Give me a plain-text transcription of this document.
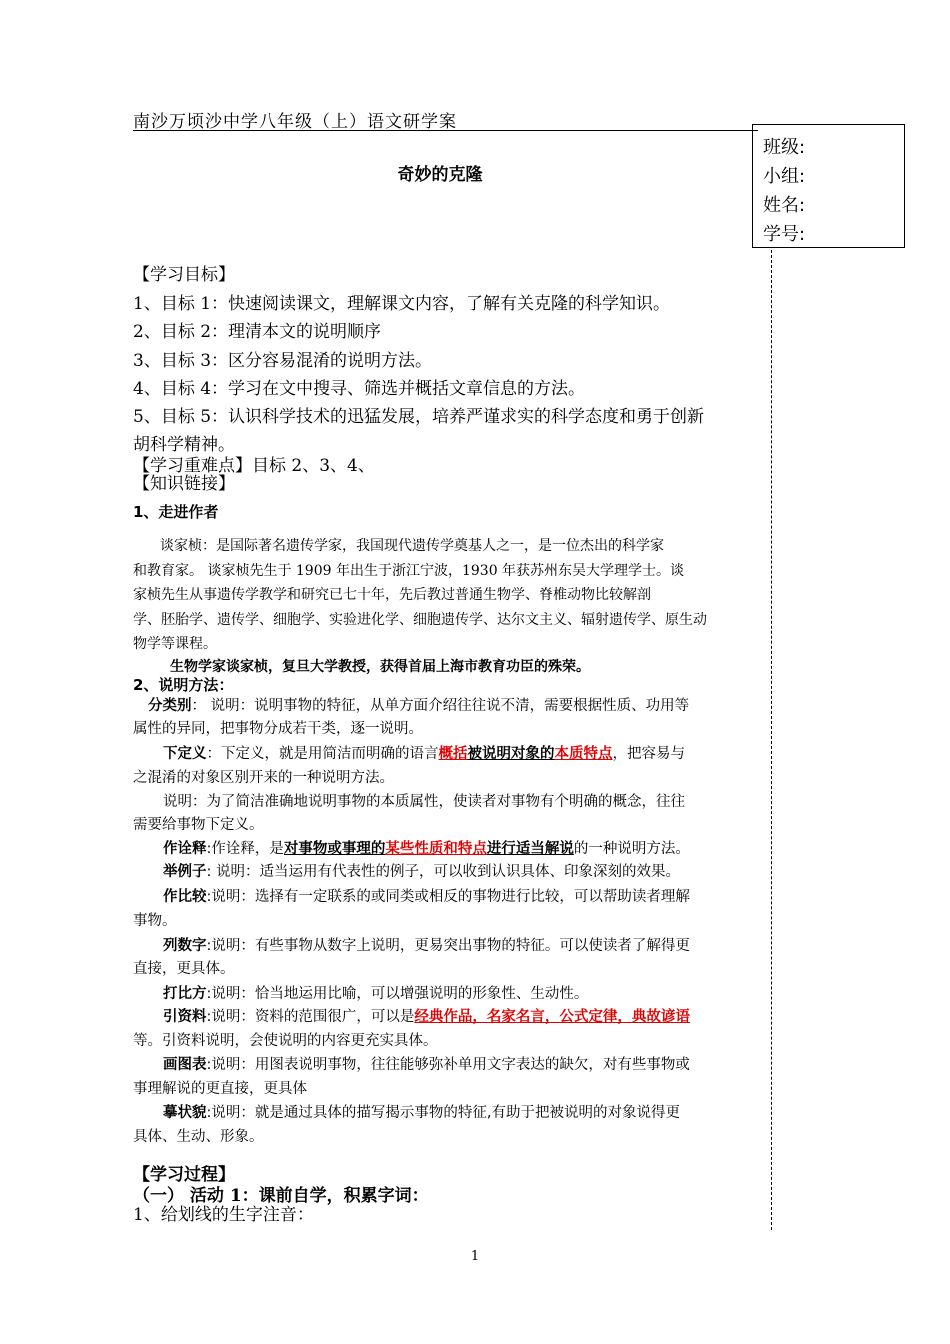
南沙万顷沙中学八年级（上）语文研学案
班级:
小组:
姓名:
学号:
奇妙的克隆
【学习目标】
1、目标 1：快速阅读课文，理解课文内容，了解有关克隆的科学知识。
2、目标 2：理清本文的说明顺序
3、目标 3：区分容易混淆的说明方法。
4、目标 4：学习在文中搜寻、筛选并概括文章信息的方法。
5、目标 5：认识科学技术的迅猛发展，培养严谨求实的科学态度和勇于创新
胡科学精神。
【学习重难点】目标 2、3、4、
【知识链接】
1、走进作者
谈家桢：是国际著名遗传学家，我国现代遗传学奠基人之一，是一位杰出的科学家
和教育家。 谈家桢先生于 1909 年出生于浙江宁波，1930 年获苏州东吴大学理学士。谈
家桢先生从事遗传学教学和研究已七十年，先后教过普通生物学、脊椎动物比较解剖
学、胚胎学、遗传学、细胞学、实验进化学、细胞遗传学、达尔文主义、辐射遗传学、原生动
物学等课程。
生物学家谈家桢，复旦大学教授，获得首届上海市教育功臣的殊荣。
2、说明方法：
分类别： 说明：说明事物的特征，从单方面介绍往往说不清，需要根据性质、功用等
属性的异同，把事物分成若干类，逐一说明。
下定义：下定义，就是用简洁而明确的语言概括被说明对象的本质特点，把容易与
之混淆的对象区别开来的一种说明方法。
说明：为了简洁准确地说明事物的本质属性，使读者对事物有个明确的概念，往往
需要给事物下定义。
作诠释:作诠释，是对事物或事理的某些性质和特点进行适当解说的一种说明方法。
举例子: 说明：适当运用有代表性的例子，可以收到认识具体、印象深刻的效果。
作比较:说明：选择有一定联系的或同类或相反的事物进行比较，可以帮助读者理解
事物。
列数字:说明：有些事物从数字上说明，更易突出事物的特征。可以使读者了解得更
直接，更具体。
打比方:说明：恰当地运用比喻，可以增强说明的形象性、生动性。
引资料:说明：资料的范围很广，可以是经典作品，名家名言，公式定律，典故谚语
等。引资料说明，会使说明的内容更充实具体。
画图表:说明：用图表说明事物，往往能够弥补单用文字表达的缺欠，对有些事物或
事理解说的更直接，更具体
摹状貌:说明：就是通过具体的描写揭示事物的特征,有助于把被说明的对象说得更
具体、生动、形象。
【学习过程】
（一） 活动 1：课前自学，积累字词：
1、给划线的生字注音：
1
